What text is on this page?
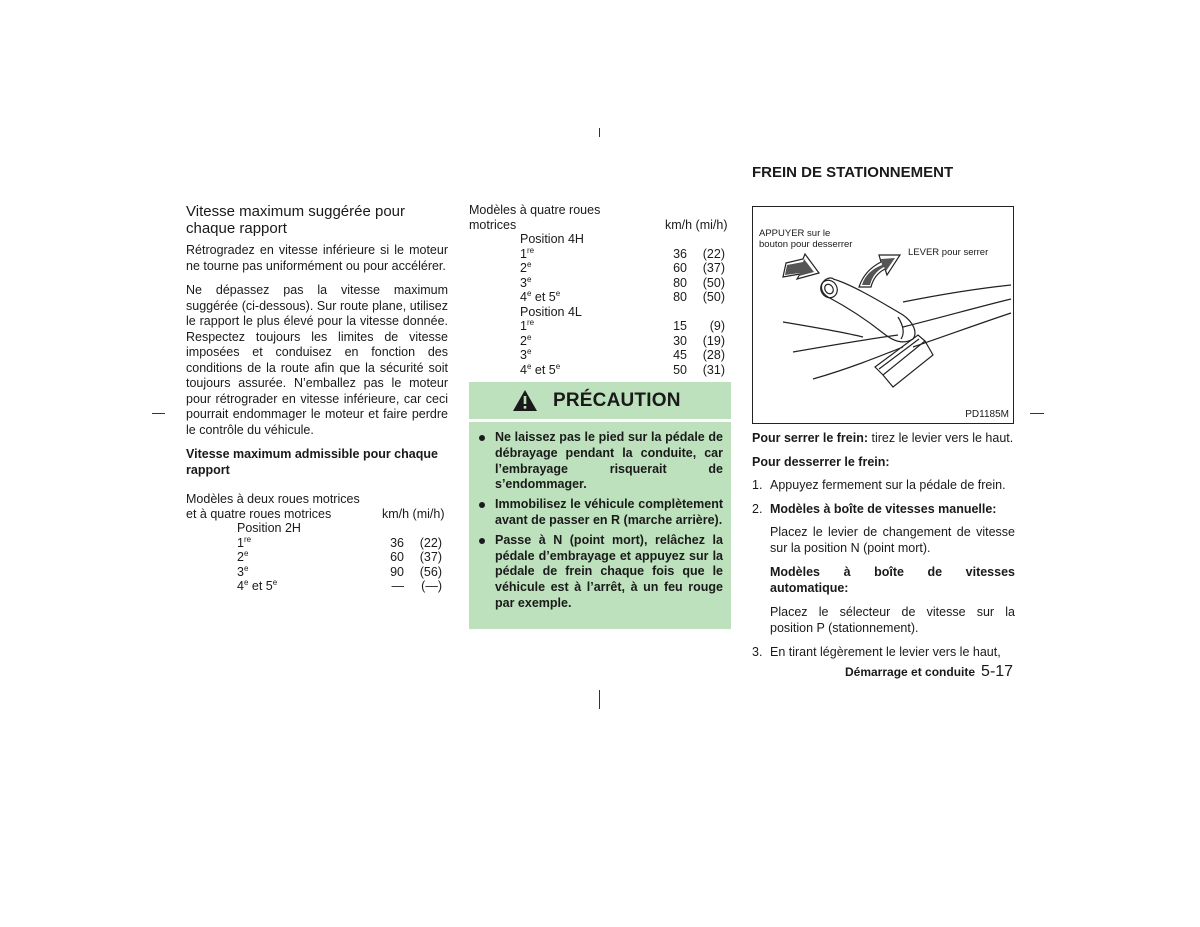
Vitesse maximum suggérée pour chaque rapport

Rétrogradez en vitesse inférieure si le moteur ne tourne pas uniformément ou pour accélérer.

Ne dépassez pas la vitesse maximum suggérée (ci-dessous). Sur route plane, utilisez le rapport le plus élevé pour la vitesse donnée. Respectez toujours les limites de vitesse imposées et conduisez en fonction des conditions de la route afin que la sécurité soit toujours assurée. N’emballez pas le moteur pour rétrograder en vitesse inférieure, car ceci pourrait endommager le moteur et faire perdre le contrôle du véhicule.

Vitesse maximum admissible pour chaque rapport

Modèles à deux roues motrices
et à quatre roues motrices	km/h (mi/h)
Position 2H
1re	36	(22)
2e	60	(37)
3e	90	(56)
4e et 5e	—	(—)
Modèles à quatre roues
motrices	km/h (mi/h)
Position 4H
1re	36	(22)
2e	60	(37)
3e	80	(50)
4e et 5e	80	(50)
Position 4L
1re	15	(9)
2e	30	(19)
3e	45	(28)
4e et 5e	50	(31)
PRÉCAUTION
Ne laissez pas le pied sur la pédale de débrayage pendant la conduite, car l’embrayage risquerait de s’endommager.
Immobilisez le véhicule complètement avant de passer en R (marche arrière).
Passe à N (point mort), relâchez la pédale d’embrayage et appuyez sur la pédale de frein chaque fois que le véhicule est à l’arrêt, à un feu rouge par exemple.
FREIN DE STATIONNEMENT
APPUYER sur le
bouton pour desserrer
LEVER pour serrer
PD1185M

Pour serrer le frein: tirez le levier vers le haut.

Pour desserrer le frein:

1. Appuyez fermement sur la pédale de frein.
2. Modèles à boîte de vitesses manuelle:

Placez le levier de changement de vitesse sur la position N (point mort).

Modèles à boîte de vitesses automatique:

Placez le sélecteur de vitesse sur la position P (stationnement).

3. En tirant légèrement le levier vers le haut,
Démarrage et conduite 5-17
